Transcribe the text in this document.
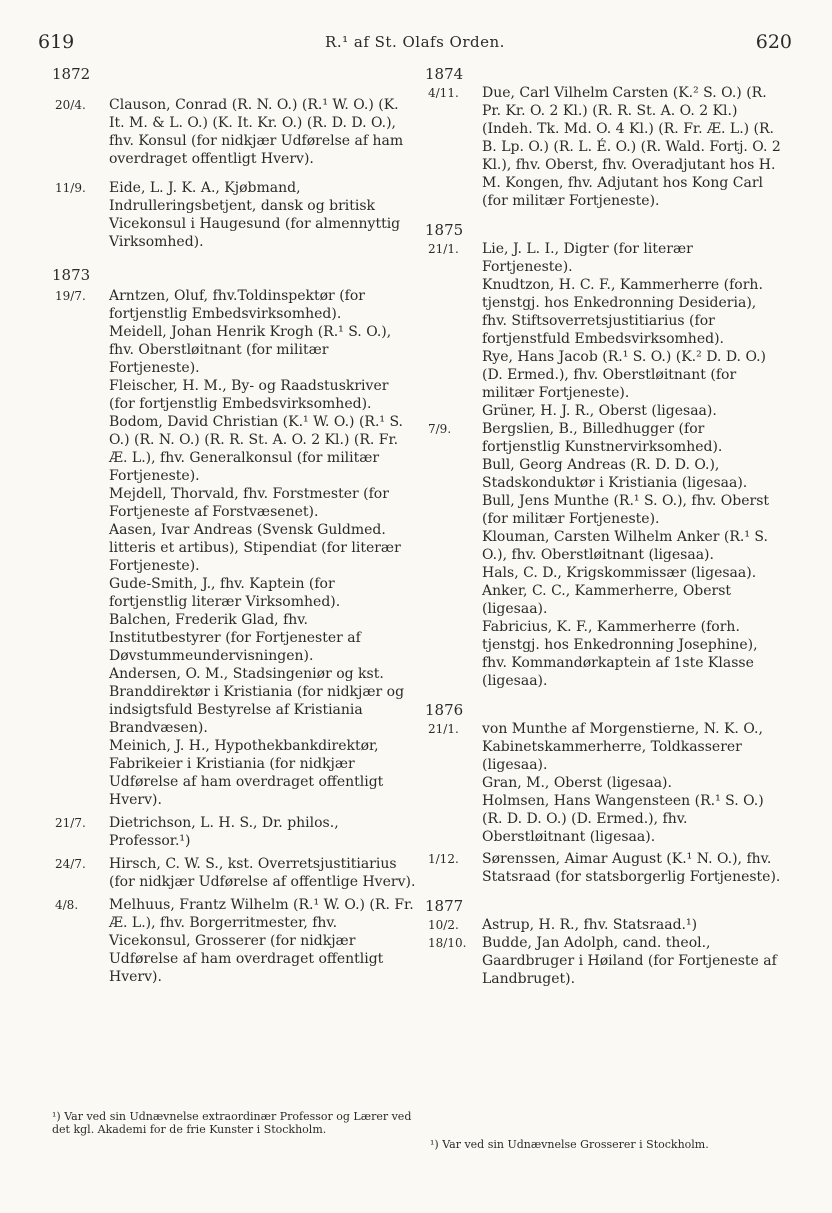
619	R.¹ af St. Olafs Orden.	620

1872

20/4. Clauson, Conrad (R. N. O.) (R.¹ W. O.) (K. It. M. & L. O.) (K. It. Kr. O.) (R. D. D. O.), fhv. Konsul (for nidkjær Udførelse af ham overdraget offentligt Hverv).
11/9. Eide, L. J. K. A., Kjøbmand, Indrulleringsbetjent, dansk og britisk Vicekonsul i Haugesund (for almennyttig Virksomhed).

1873

19/7. Arntzen, Oluf, fhv.Toldinspektør (for fortjenstlig Embedsvirksomhed).
Meidell, Johan Henrik Krogh (R.¹ S. O.), fhv. Oberstløitnant (for militær Fortjeneste).
Fleischer, H. M., By- og Raadstuskriver (for fortjenstlig Embedsvirksomhed).
Bodom, David Christian (K.¹ W. O.) (R.¹ S. O.) (R. N. O.) (R. R. St. A. O. 2 Kl.) (R. Fr. Æ. L.), fhv. Generalkonsul (for militær Fortjeneste).
Mejdell, Thorvald, fhv. Forstmester (for Fortjeneste af Forstvæsenet).
Aasen, Ivar Andreas (Svensk Guldmed. litteris et artibus), Stipendiat (for literær Fortjeneste).
Gude-Smith, J., fhv. Kaptein (for fortjenstlig literær Virksomhed).
Balchen, Frederik Glad, fhv. Institutbestyrer (for Fortjenester af Døvstummeundervisningen).
Andersen, O. M., Stadsingeniør og kst. Branddirektør i Kristiania (for nidkjær og indsigtsfuld Bestyrelse af Kristiania Brandvæsen).
Meinich, J. H., Hypothekbankdirektør, Fabrikeier i Kristiania (for nidkjær Udførelse af ham overdraget offentligt Hverv).
21/7. Dietrichson, L. H. S., Dr. philos., Professor.¹)
24/7. Hirsch, C. W. S., kst. Overretsjustitiarius (for nidkjær Udførelse af offentlige Hverv).
4/8. Melhuus, Frantz Wilhelm (R.¹ W. O.) (R. Fr. Æ. L.), fhv. Borgerritmester, fhv. Vicekonsul, Grosserer (for nidkjær Udførelse af ham overdraget offentligt Hverv).

1874

4/11. Due, Carl Vilhelm Carsten (K.² S. O.) (R. Pr. Kr. O. 2 Kl.) (R. R. St. A. O. 2 Kl.) (Indeh. Tk. Md. O. 4 Kl.) (R. Fr. Æ. L.) (R. B. Lp. O.) (R. L. É. O.) (R. Wald. Fortj. O. 2 Kl.), fhv. Oberst, fhv. Overadjutant hos H. M. Kongen, fhv. Adjutant hos Kong Carl (for militær Fortjeneste).

1875

21/1. Lie, J. L. I., Digter (for literær Fortjeneste).
Knudtzon, H. C. F., Kammerherre (forh. tjenstgj. hos Enkedronning Desideria), fhv. Stiftsoverretsjustitiarius (for fortjenstfuld Embedsvirksomhed).
Rye, Hans Jacob (R.¹ S. O.) (K.² D. D. O.) (D. Ermed.), fhv. Oberstløitnant (for militær Fortjeneste).
Grüner, H. J. R., Oberst (ligesaa).
7/9. Bergslien, B., Billedhugger (for fortjenstlig Kunstnervirksomhed).
Bull, Georg Andreas (R. D. D. O.), Stadskonduktør i Kristiania (ligesaa).
Bull, Jens Munthe (R.¹ S. O.), fhv. Oberst (for militær Fortjeneste).
Klouman, Carsten Wilhelm Anker (R.¹ S. O.), fhv. Oberstløitnant (ligesaa).
Hals, C. D., Krigskommissær (ligesaa).
Anker, C. C., Kammerherre, Oberst (ligesaa).
Fabricius, K. F., Kammerherre (forh. tjenstgj. hos Enkedronning Josephine), fhv. Kommandørkaptein af 1ste Klasse (ligesaa).

1876

21/1. von Munthe af Morgenstierne, N. K. O., Kabinetskammerherre, Toldkasserer (ligesaa).
Gran, M., Oberst (ligesaa).
Holmsen, Hans Wangensteen (R.¹ S. O.) (R. D. D. O.) (D. Ermed.), fhv. Oberstløitnant (ligesaa).
1/12. Sørenssen, Aimar August (K.¹ N. O.), fhv. Statsraad (for statsborgerlig Fortjeneste).

1877

10/2. Astrup, H. R., fhv. Statsraad.¹)
18/10. Budde, Jan Adolph, cand. theol., Gaardbruger i Høiland (for Fortjeneste af Landbruget).
¹) Var ved sin Udnævnelse extraordinær Professor og Lærer ved det kgl. Akademi for de frie Kunster i Stockholm.
¹) Var ved sin Udnævnelse Grosserer i Stockholm.
